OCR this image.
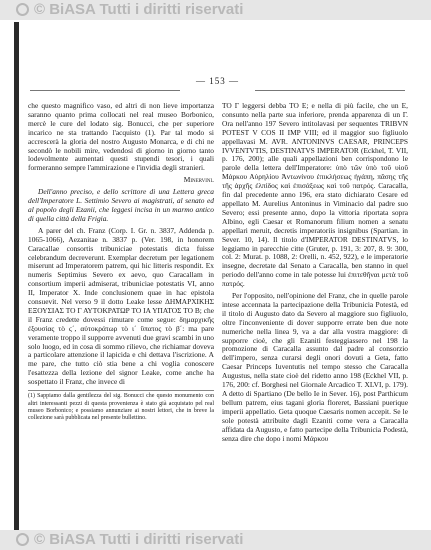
© BiASA Tutti i diritti riservati
— 153 —

che questo magnifico vaso, ed altri di non lieve importanza saranno quanto prima collocati nel real museo Borbonico, mercè le cure del lodato sig. Bonucci, che per superiore incarico ne sta trattando l'acquisto (1). Par tal modo si accrescerà la gloria del nostro Augusto Monarca, e di chi ne secondò le nobili mire, vedendosi di giorno in giorno tanto lodevolmente aumentati questi stupendi tesori, i quali formeranno sempre l'ammirazione e l'invidia degli stranieri.

Minervini.

Dell'anno preciso, e dello scrittore di una Lettera greca dell'Imperatore L. Settimio Severo ai magistrati, al senato ed al popolo degli Ezanii, che leggesi incisa in un marmo antico di quella città della Frigia.

A parer del ch. Franz (Corp. I. Gr. n. 3837, Addenda p. 1065-1066), Aezanitae n. 3837 p. (Ver. 198, in honorem Caracallae consortis tribuniciae potestatis dicta fuisse celebrandum decreverunt. Exemplar decretum per legationem miserunt ad Imperatorem patrem, qui hic litteris respondit. Ex numeris Septimius Severo ex aevo, quo Caracallam in consortium imperii admiserat, tribuniciae potestatis VI, anno II, Imperator X. Inde conclusionem quae in hac epistola consuevit. Nel verso 9 il dotto Leake lesse ΔΗΜΑΡΧΙΚΗΣ ΕΞΟΥΣΙΑΣ ΤΟ Γ ΑΥΤΟΚΡΑΤΩΡ ΤΟ ΙΑ ΥΠΑΤΟΣ ΤΟ Β; che il Franz credette dovessi rimutare come segue: δημαρχικῆς ἐξουσίας τὸ ϛ΄, αὐτοκράτωρ τὸ ι΄ ὕπατος τὸ β΄: ma pare veramente troppo il supporre avvenuti due gravi scambi in uno solo luogo, ed in cosa di sommo rilievo, che richiamar doveva a particolare attenzione il lapicida e chi dettava l'iscrizione. A me pare, che tutto ciò stia bene a chi voglia conoscere l'esattezza della lezione del signor Leake, come anche ha sospettato il Franz, che invece di

(1) Sappiamo dalla gentilezza del sig. Bonucci che questo monumento con altri interessanti pezzi di questa provenienza è stato già acquistato pel real museo Borbonico; e possiamo annunziare ai nostri lettori, che in breve la collezione sarà pubblicata nel presente bullettino.

TO Γ leggersi debba TO Ε; e nella di più facile, che un E, consunto nella parte sua inferiore, prenda apparenza di un Γ. Ora nell'anno 197 Severo intitolavasi per sequentes TRIBVN POTEST V COS II IMP VIII; ed il maggior suo figliuolo appellavasi M. AVR. ANTONINVS CAESAR, PRINCEPS IVVENTVTIS, DESTINATVS IMPERATOR (Eckhel, T. VII, p. 176, 200); alle quali appellazioni ben corrispondono le parole della lettera dell'Imperatore: ὑπὸ τῶν ὑπὸ τοῦ υἱοῦ Μάρκου Αὐρηλίου Ἀντωνίνου ἐπικλήσεως ἠγάπη, πᾶσης τῆς τῆς ἀρχῆς ἐλπίδος καὶ ἐπισάξεως καὶ τοῦ πατρός. Caracalla, fin dal precedente anno 196, era stato dichiarato Cesare ed appellato M. Aurelius Antoninus in Viminacio dal padre suo Severo; essi presente anno, dopo la vittoria riportata sopra Albino, egli Caesar et Romanorum filium nomen a senatu appellari meruit, decretis imperatoriis insignibus (Spartian. in Sever. 10, 14). Il titolo d'IMPERATOR DESTINATVS, lo leggiamo in parecchie citte (Gruter, p. 191, 3: 207, 8. 9: 300, col. 2: Murat. p. 1088, 2: Orelli, n. 452, 922), e le imperatorie insegne, decretate dal Senato a Caracalla, ben stanno in quel periodo dell'anno come in tale potesse lui ἐπιτεθῆναι μετὰ τοῦ πατρός.

Per l'opposito, nell'opinione del Franz, che in quelle parole intese accennata la partecipazione della Tribunicia Potestà, ed il titolo di Augusto dato da Severo al maggiore suo figliuolo, oltre l'inconveniente di dover supporre errate ben due note numeriche nella linea 9, va a dar alla vostra maggiore: di supporre cioè, che gli Ezaniti festeggiassero nel 198 la promozione di Caracalla assunto dal padre al consorzio dell'impero, senza curarsi degli onori dovuti a Geta, fatto Caesar Princeps Iuventutis nel tempo stesso che Caracalla Augustus, nella state cioè del ridetto anno 198 (Eckhel VII, p. 176, 200: cf. Borghesi nel Giornale Arcadico T. XLVI, p. 179). A detto di Spartiano (De bello Ie in Sever. 16), post Parthicum bellum patrem, eius tagani gloria floreret, Bassiani puerique imperii appellatio. Geta quoque Caesaris nomen accepit. Se le sole potestà attribuite dagli Ezaniti come vera a Caracalla affidata da Augusto, e fatto partecipe della Tribunicia Podestà, senza dire che dopo i nomi Μάρκου

© BiASA Tutti i diritti riservati
